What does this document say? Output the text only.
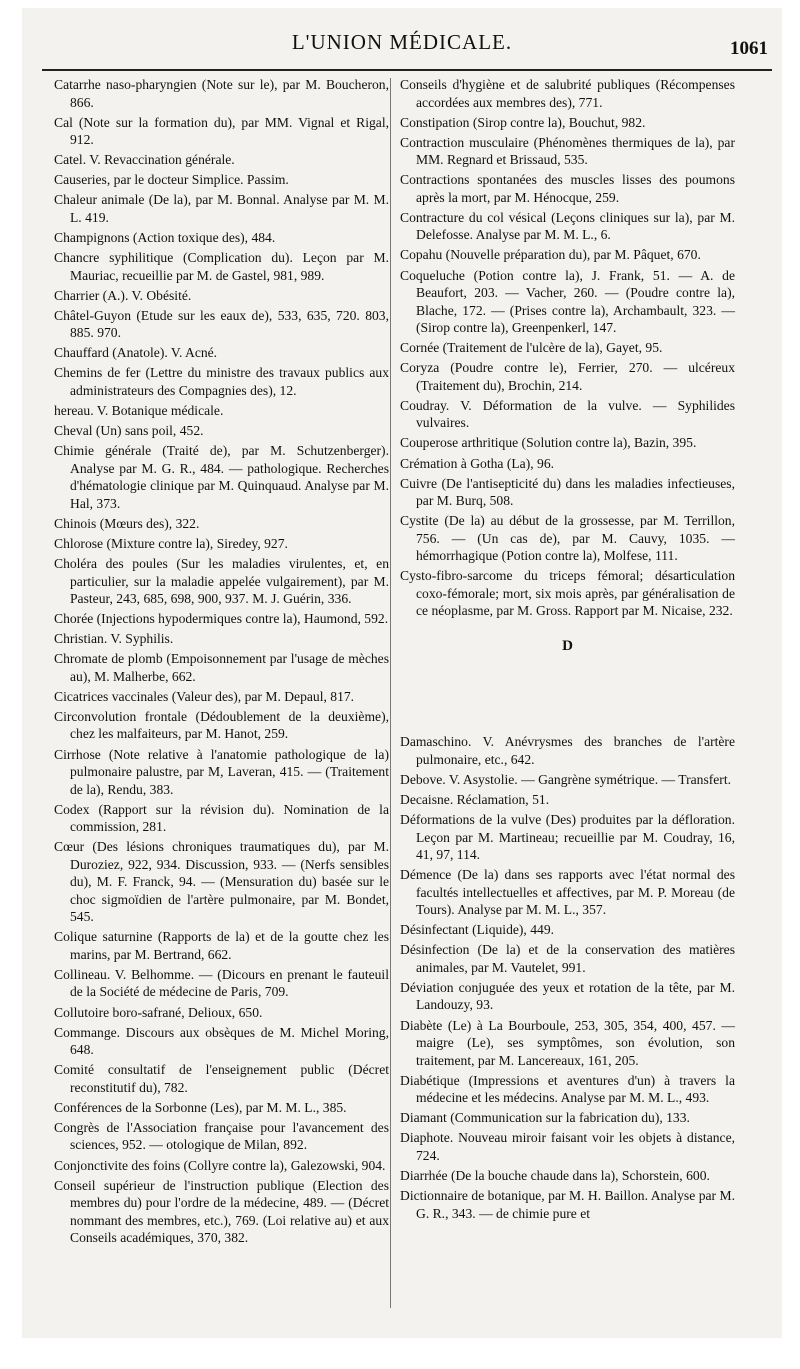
L'UNION MÉDICALE.	1061

Catarrhe naso-pharyngien (Note sur le), par M. Boucheron, 866.

Cal (Note sur la formation du), par MM. Vignal et Rigal, 912.

Catel. V. Revaccination générale.

Causeries, par le docteur Simplice. Passim.

Chaleur animale (De la), par M. Bonnal. Analyse par M. M. L. 419.

Champignons (Action toxique des), 484.

Chancre syphilitique (Complication du). Leçon par M. Mauriac, recueillie par M. de Gastel, 981, 989.

Charrier (A.). V. Obésité.

Châtel-Guyon (Etude sur les eaux de), 533, 635, 720. 803, 885. 970.

Chauffard (Anatole). V. Acné.

Chemins de fer (Lettre du ministre des travaux publics aux administrateurs des Compagnies des), 12.

hereau. V. Botanique médicale.

Cheval (Un) sans poil, 452.

Chimie générale (Traité de), par M. Schutzenberger). Analyse par M. G. R., 484. — pathologique. Recherches d'hématologie clinique par M. Quinquaud. Analyse par M. Hal, 373.

Chinois (Mœurs des), 322.

Chlorose (Mixture contre la), Siredey, 927.

Choléra des poules (Sur les maladies virulentes, et, en particulier, sur la maladie appelée vulgairement), par M. Pasteur, 243, 685, 698, 900, 937. M. J. Guérin, 336.

Chorée (Injections hypodermiques contre la), Haumond, 592.

Christian. V. Syphilis.

Chromate de plomb (Empoisonnement par l'usage de mèches au), M. Malherbe, 662.

Cicatrices vaccinales (Valeur des), par M. Depaul, 817.

Circonvolution frontale (Dédoublement de la deuxième), chez les malfaiteurs, par M. Hanot, 259.

Cirrhose (Note relative à l'anatomie pathologique de la) pulmonaire palustre, par M, Laveran, 415. — (Traitement de la), Rendu, 383.

Codex (Rapport sur la révision du). Nomination de la commission, 281.

Cœur (Des lésions chroniques traumatiques du), par M. Duroziez, 922, 934. Discussion, 933. — (Nerfs sensibles du), M. F. Franck, 94. — (Mensuration du) basée sur le choc sigmoïdien de l'artère pulmonaire, par M. Bondet, 545.

Colique saturnine (Rapports de la) et de la goutte chez les marins, par M. Bertrand, 662.

Collineau. V. Belhomme. — (Dicours en prenant le fauteuil de la Société de médecine de Paris, 709.

Collutoire boro-safrané, Delioux, 650.

Commange. Discours aux obsèques de M. Michel Moring, 648.

Comité consultatif de l'enseignement public (Décret reconstitutif du), 782.

Conférences de la Sorbonne (Les), par M. M. L., 385.

Congrès de l'Association française pour l'avancement des sciences, 952. — otologique de Milan, 892.

Conjonctivite des foins (Collyre contre la), Galezowski, 904.

Conseil supérieur de l'instruction publique (Election des membres du) pour l'ordre de la médecine, 489. — (Décret nommant des membres, etc.), 769. (Loi relative au) et aux Conseils académiques, 370, 382.

Conseils d'hygiène et de salubrité publiques (Récompenses accordées aux membres des), 771.

Constipation (Sirop contre la), Bouchut, 982.

Contraction musculaire (Phénomènes thermiques de la), par MM. Regnard et Brissaud, 535.

Contractions spontanées des muscles lisses des poumons après la mort, par M. Hénocque, 259.

Contracture du col vésical (Leçons cliniques sur la), par M. Delefosse. Analyse par M. M. L., 6.

Copahu (Nouvelle préparation du), par M. Pâquet, 670.

Coqueluche (Potion contre la), J. Frank, 51. — A. de Beaufort, 203. — Vacher, 260. — (Poudre contre la), Blache, 172. — (Prises contre la), Archambault, 323. — (Sirop contre la), Greenpenkerl, 147.

Cornée (Traitement de l'ulcère de la), Gayet, 95.

Coryza (Poudre contre le), Ferrier, 270. — ulcéreux (Traitement du), Brochin, 214.

Coudray. V. Déformation de la vulve. — Syphilides vulvaires.

Couperose arthritique (Solution contre la), Bazin, 395.

Crémation à Gotha (La), 96.

Cuivre (De l'antisepticité du) dans les maladies infectieuses, par M. Burq, 508.

Cystite (De la) au début de la grossesse, par M. Terrillon, 756. — (Un cas de), par M. Cauvy, 1035. — hémorrhagique (Potion contre la), Molfese, 111.

Cysto-fibro-sarcome du triceps fémoral; désarticulation coxo-fémorale; mort, six mois après, par généralisation de ce néoplasme, par M. Gross. Rapport par M. Nicaise, 232.

D

Damaschino. V. Anévrysmes des branches de l'artère pulmonaire, etc., 642.

Debove. V. Asystolie. — Gangrène symétrique. — Transfert.

Decaisne. Réclamation, 51.

Déformations de la vulve (Des) produites par la défloration. Leçon par M. Martineau; recueillie par M. Coudray, 16, 41, 97, 114.

Démence (De la) dans ses rapports avec l'état normal des facultés intellectuelles et affectives, par M. P. Moreau (de Tours). Analyse par M. M. L., 357.

Désinfectant (Liquide), 449.

Désinfection (De la) et de la conservation des matières animales, par M. Vautelet, 991.

Déviation conjuguée des yeux et rotation de la tête, par M. Landouzy, 93.

Diabète (Le) à La Bourboule, 253, 305, 354, 400, 457. — maigre (Le), ses symptômes, son évolution, son traitement, par M. Lancereaux, 161, 205.

Diabétique (Impressions et aventures d'un) à travers la médecine et les médecins. Analyse par M. M. L., 493.

Diamant (Communication sur la fabrication du), 133.

Diaphote. Nouveau miroir faisant voir les objets à distance, 724.

Diarrhée (De la bouche chaude dans la), Schorstein, 600.

Dictionnaire de botanique, par M. H. Baillon. Analyse par M. G. R., 343. — de chimie pure et
